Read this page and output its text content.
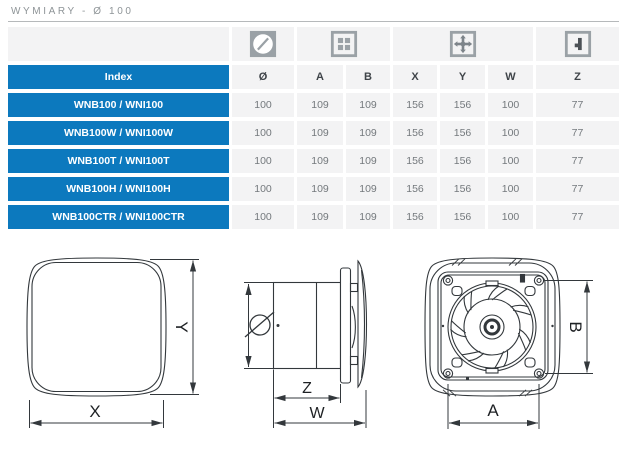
WYMIARY - Ø 100
Index	Ø	A	B	X	Y	W	Z
WNB100 / WNI100	100	109	109	156	156	100	77
WNB100W / WNI100W	100	109	109	156	156	100	77
WNB100T / WNI100T	100	109	109	156	156	100	77
WNB100H / WNI100H	100	109	109	156	156	100	77
WNB100CTR / WNI100CTR	100	109	109	156	156	100	77
Y
X
Z
W
B
A
